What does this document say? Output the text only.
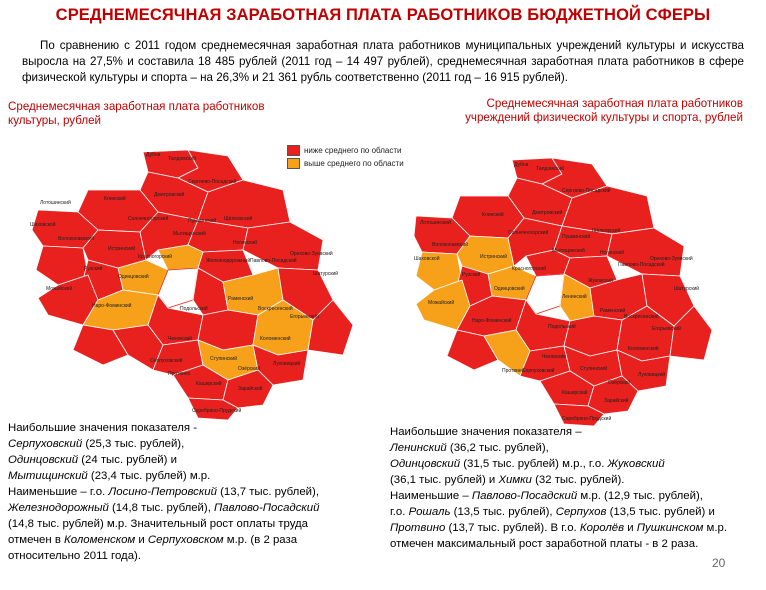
СРЕДНЕМЕСЯЧНАЯ ЗАРАБОТНАЯ ПЛАТА РАБОТНИКОВ БЮДЖЕТНОЙ СФЕРЫ
По сравнению с 2011 годом среднемесячная заработная плата работников муниципальных учреждений культуры и искусства выросла на 27,5% и составила 18 485 рублей (2011 год – 14 497 рублей), среднемесячная заработная плата работников в сфере физической культуры и спорта – на 26,3% и 21 361 рубль соответственно (2011 год – 16 915 рублей).
Среднемесячная заработная плата работников культуры, рублей
Среднемесячная заработная плата работников учреждений физической культуры и спорта, рублей
ниже среднего по области
выше среднего по области
Дубна
Талдомский
Сергиево-Посадский
Дмитровский
Клинский
Лотошинский
Солнечногорский	Пушкинский Щёлковский
Мытищинский
Истринский
Красногорский
Одинцовский
Рузский
Можайский
Наро-Фоминский	Подольский
Чеховский
Серпуховский	Ступинский
Коломенский
Раменский
Павлово-Посадский
Орехово-Зуевский
Шатурский
Егорьевский
Воскресенский
Луховицкий
Зарайский
Серебряно-Прудский
Каширский
Озёрский
Протвино
Ногинский
Железнодорожный
Волоколамский
Шаховской
Дубна
Талдомский
Сергиево-Посадский
Дмитровский
Клинский
Лотошинский
Солнечногорский
Пушкинский
Щёлковский
Мытищинский
Истринский
Красногорский
Одинцовский
Рузский
Можайский
Наро-Фоминский
Подольский
Ленинский
Чеховский
Серпуховский	Ступинский
Коломенский
Раменский
Павлово-Посадский
Орехово-Зуевский
Шатурский
Егорьевский
Воскресенский
Луховицкий
Зарайский
Серебряно-Прудский
Каширский
Озёрский
Протвино
Ногинский
Жуковский
Волоколамский
Шаховской
Наибольшие значения показателя -
Серпуховский (25,3 тыс. рублей),
Одинцовский (24 тыс. рублей) и
Мытищинский (23,4 тыс. рублей) м.р.
Наименьшие – г.о. Лосино-Петровский (13,7 тыс. рублей),
Железнодорожный (14,8 тыс. рублей), Павлово-Посадский
(14,8 тыс. рублей) м.р. Значительный рост оплаты труда
отмечен в Коломенском и Серпуховском м.р. (в 2 раза
относительно 2011 года).
Наибольшие значения показателя –
Ленинский (36,2 тыс. рублей),
Одинцовский (31,5 тыс. рублей) м.р., г.о. Жуковский
(36,1 тыс. рублей) и Химки (32 тыс. рублей).
Наименьшие – Павлово-Посадский м.р. (12,9 тыс. рублей),
г.о. Рошаль (13,5 тыс. рублей), Серпухов (13,5 тыс. рублей) и
Протвино (13,7 тыс. рублей). В г.о. Королёв и Пушкинском м.р.
отмечен максимальный рост заработной платы - в 2 раза.
20
